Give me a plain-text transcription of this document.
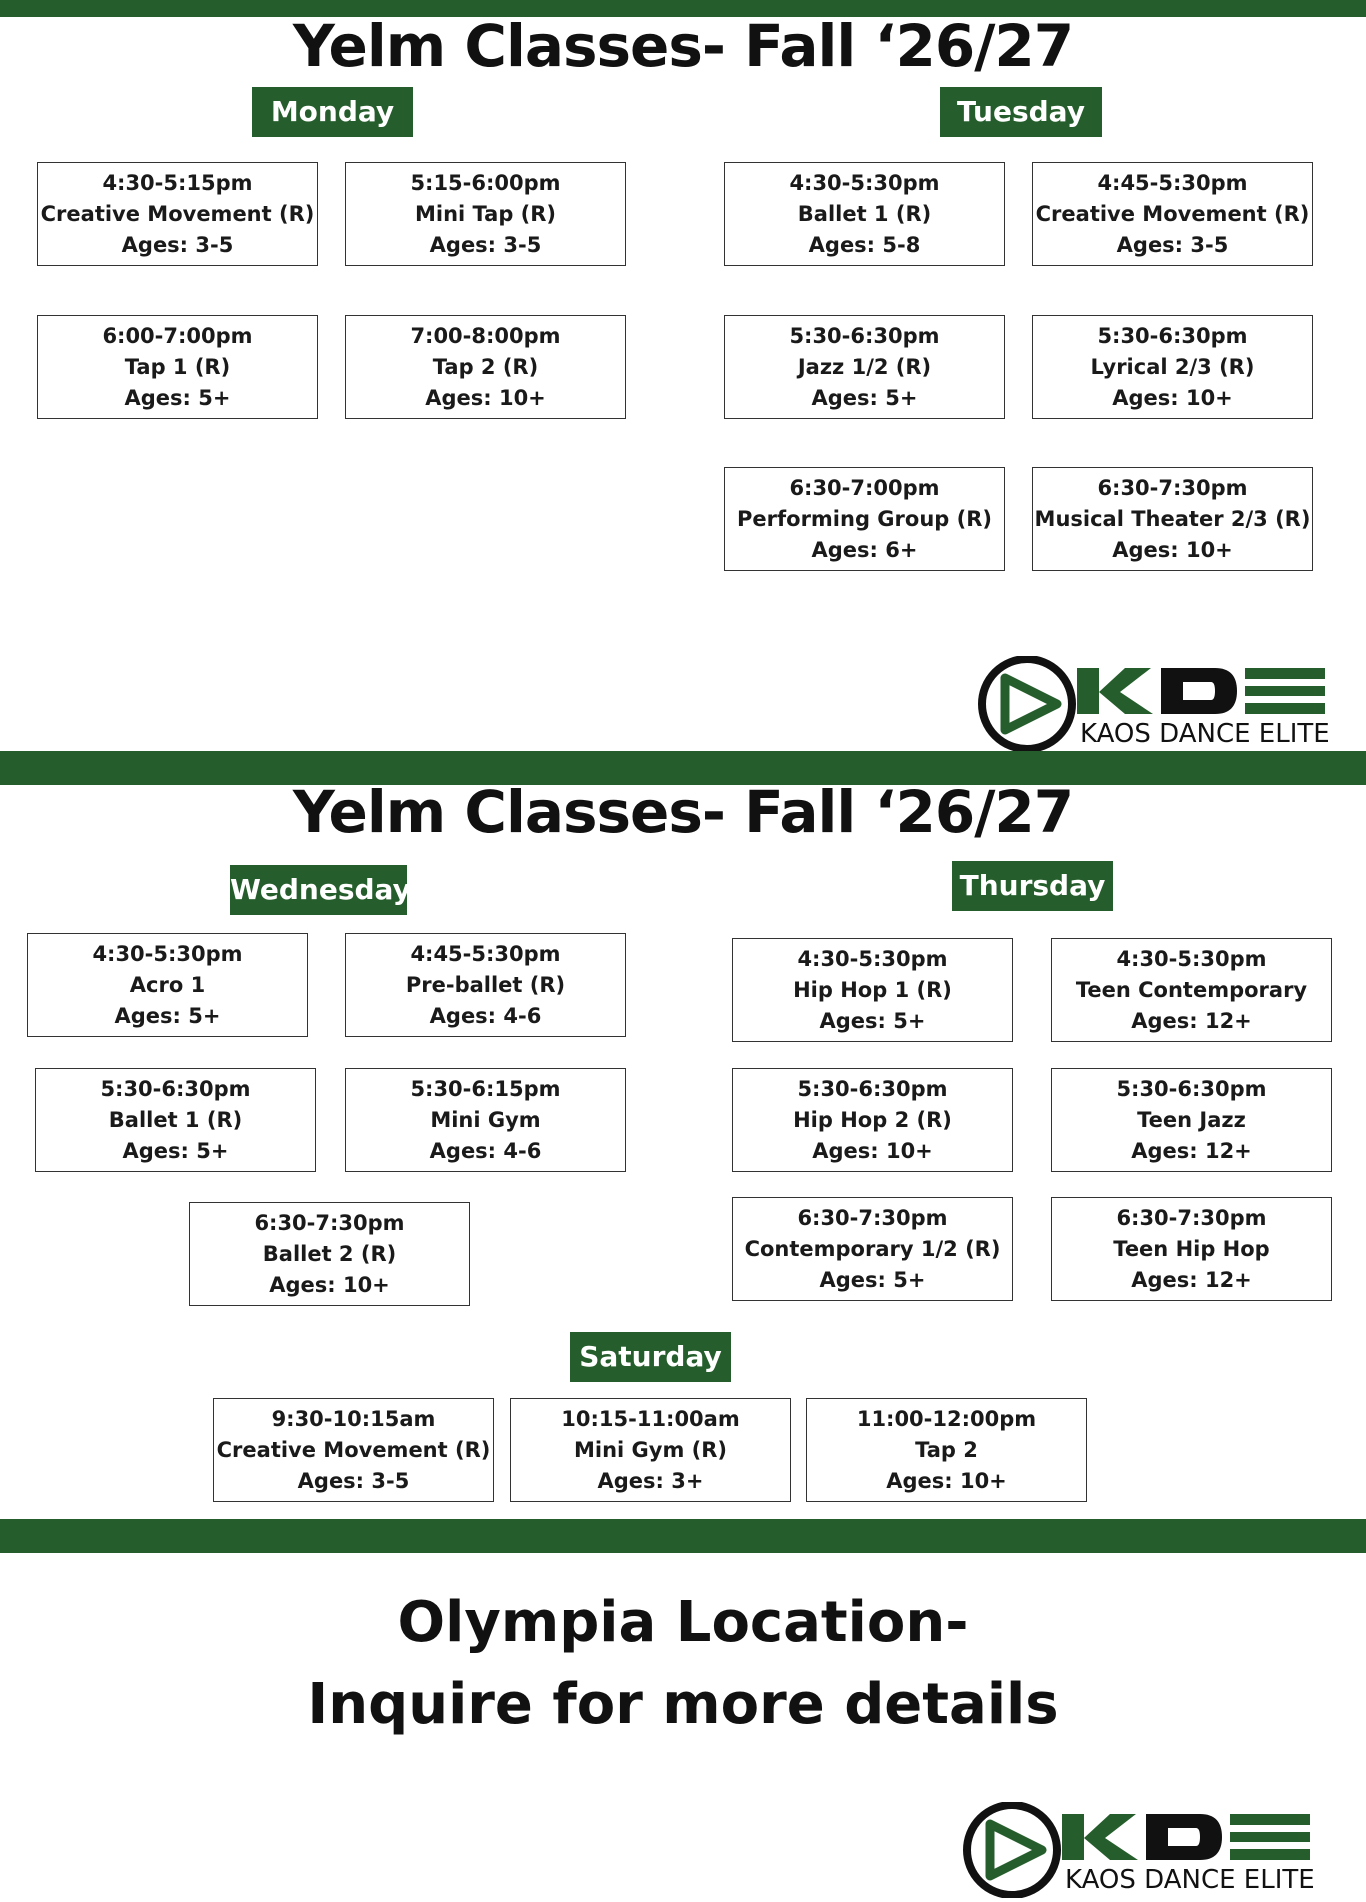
Yelm Classes- Fall ‘26/27
Monday	Tuesday
4:30-5:15pm
Creative Movement (R)
Ages: 3-5
5:15-6:00pm
Mini Tap (R)
Ages: 3-5
6:00-7:00pm
Tap 1 (R)
Ages: 5+
7:00-8:00pm
Tap 2 (R)
Ages: 10+
4:30-5:30pm
Ballet 1 (R)
Ages: 5-8
4:45-5:30pm
Creative Movement (R)
Ages: 3-5
5:30-6:30pm
Jazz 1/2 (R)
Ages: 5+
5:30-6:30pm
Lyrical 2/3 (R)
Ages: 10+
6:30-7:00pm
Performing Group (R)
Ages: 6+
6:30-7:30pm
Musical Theater 2/3 (R)
Ages: 10+
KAOS DANCE ELITE
Yelm Classes- Fall ‘26/27
Wednesday	Thursday
4:30-5:30pm
Acro 1
Ages: 5+
4:45-5:30pm
Pre-ballet (R)
Ages: 4-6
5:30-6:30pm
Ballet 1 (R)
Ages: 5+
5:30-6:15pm
Mini Gym
Ages: 4-6
6:30-7:30pm
Ballet 2 (R)
Ages: 10+
4:30-5:30pm
Hip Hop 1 (R)
Ages: 5+
4:30-5:30pm
Teen Contemporary
Ages: 12+
5:30-6:30pm
Hip Hop 2 (R)
Ages: 10+
5:30-6:30pm
Teen Jazz
Ages: 12+
6:30-7:30pm
Contemporary 1/2 (R)
Ages: 5+
6:30-7:30pm
Teen Hip Hop
Ages: 12+
Saturday
9:30-10:15am
Creative Movement (R)
Ages: 3-5
10:15-11:00am
Mini Gym (R)
Ages: 3+
11:00-12:00pm
Tap 2
Ages: 10+
Olympia Location-
Inquire for more details
KAOS DANCE ELITE
